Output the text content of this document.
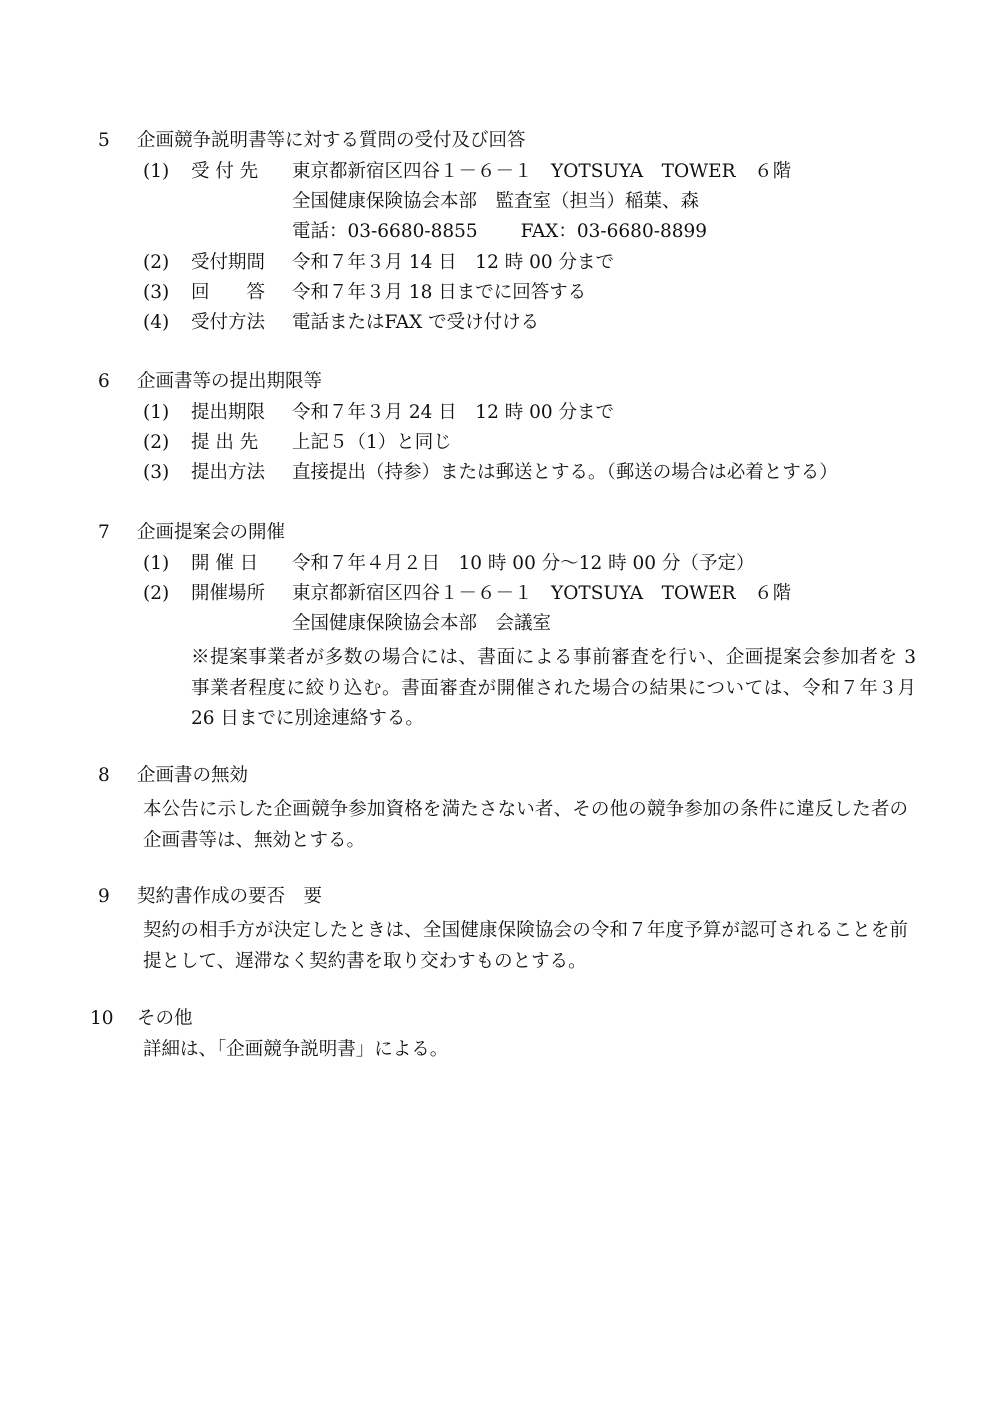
5 企画競争説明書等に対する質問の受付及び回答
(1) 受 付 先 東京都新宿区四谷１－６－１　YOTSUYA　TOWER　６階
全国健康保険協会本部　監査室（担当）稲葉、森
電話：03-6680-8855　　 FAX：03-6680-8899
(2) 受付期間 令和７年３月 14 日　12 時 00 分まで
(3) 回　　答 令和７年３月 18 日までに回答する
(4) 受付方法 電話またはFAX で受け付ける
6 企画書等の提出期限等
(1) 提出期限 令和７年３月 24 日　12 時 00 分まで
(2) 提 出 先 上記５（1）と同じ
(3) 提出方法 直接提出（持参）または郵送とする。（郵送の場合は必着とする）
7 企画提案会の開催
(1) 開 催 日 令和７年４月２日　10 時 00 分～12 時 00 分（予定）
(2) 開催場所 東京都新宿区四谷１－６－１　YOTSUYA　TOWER　６階
全国健康保険協会本部　会議室
※提案事業者が多数の場合には、書面による事前審査を行い、企画提案会参加者を 3 事業者程度に絞り込む。書面審査が開催された場合の結果については、令和７年３月 26 日までに別途連絡する。
8 企画書の無効
本公告に示した企画競争参加資格を満たさない者、その他の競争参加の条件に違反した者の企画書等は、無効とする。
9 契約書作成の要否　要
契約の相手方が決定したときは、全国健康保険協会の令和７年度予算が認可されることを前提として、遅滞なく契約書を取り交わすものとする。
10 その他
詳細は、「企画競争説明書」による。
